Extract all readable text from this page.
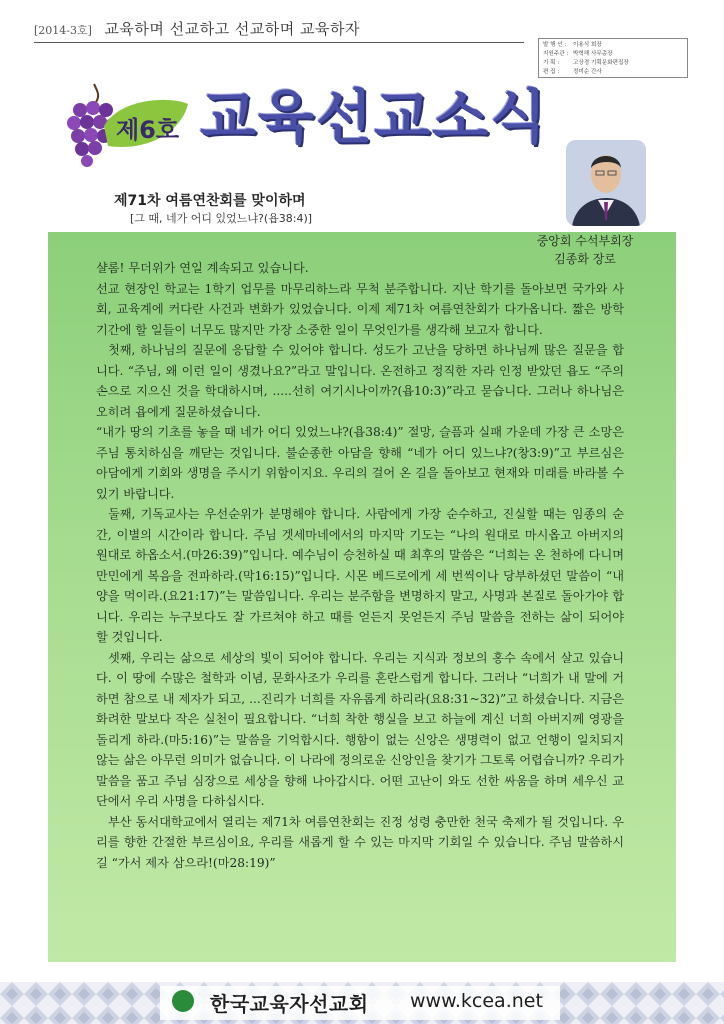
[2014-3호] 교육하며 선교하고 선교하며 교육하자
발 행 인 :	이용식 회장
지원주관 : 박혁해 사무총장
기 획 :	고상경 기획문화편집장
편 집 :	정미순 간사
제6호 교육선교소식
제71차 여름연찬회를 맞이하며
[그 때, 네가 어디 있었느냐?(욥38:4)]
중앙회 수석부회장
김종화 장로

샬롬! 무더위가 연일 계속되고 있습니다.

선교 현장인 학교는 1학기 업무를 마무리하느라 무척 분주합니다. 지난 학기를 돌아보면 국가와 사회, 교육계에 커다란 사건과 변화가 있었습니다. 이제 제71차 여름연찬회가 다가옵니다. 짧은 방학기간에 할 일들이 너무도 많지만 가장 소중한 일이 무엇인가를 생각해 보고자 합니다.

첫째, 하나님의 질문에 응답할 수 있어야 합니다. 성도가 고난을 당하면 하나님께 많은 질문을 합니다. “주님, 왜 이런 일이 생겼나요?”라고 말입니다. 온전하고 정직한 자라 인정 받았던 욥도 “주의 손으로 지으신 것을 학대하시며, .....선히 여기시나이까?(욥10:3)”라고 묻습니다. 그러나 하나님은 오히려 욥에게 질문하셨습니다.

“내가 땅의 기초를 놓을 때 네가 어디 있었느냐?(욥38:4)” 절망, 슬픔과 실패 가운데 가장 큰 소망은 주님 통치하심을 깨닫는 것입니다. 불순종한 아담을 향해 “네가 어디 있느냐?(창3:9)”고 부르심은 아담에게 기회와 생명을 주시기 위함이지요. 우리의 걸어 온 길을 돌아보고 현재와 미래를 바라볼 수 있기 바랍니다.

둘째, 기독교사는 우선순위가 분명해야 합니다. 사람에게 가장 순수하고, 진실할 때는 임종의 순간, 이별의 시간이라 합니다. 주님 겟세마네에서의 마지막 기도는 “나의 원대로 마시옵고 아버지의 원대로 하옵소서.(마26:39)”입니다. 예수님이 승천하실 때 최후의 말씀은 “너희는 온 천하에 다니며 만민에게 복음을 전파하라.(막16:15)”입니다. 시몬 베드로에게 세 번씩이나 당부하셨던 말씀이 “내 양을 먹이라.(요21:17)”는 말씀입니다. 우리는 분주함을 변명하지 말고, 사명과 본질로 돌아가야 합니다. 우리는 누구보다도 잘 가르쳐야 하고 때를 얻든지 못얻든지 주님 말씀을 전하는 삶이 되어야 할 것입니다.

셋째, 우리는 삶으로 세상의 빛이 되어야 합니다. 우리는 지식과 정보의 홍수 속에서 살고 있습니다. 이 땅에 수많은 철학과 이념, 문화사조가 우리를 혼란스럽게 합니다. 그러나 “너희가 내 말에 거하면 참으로 내 제자가 되고, ...진리가 너희를 자유롭게 하리라(요8:31~32)”고 하셨습니다. 지금은 화려한 말보다 작은 실천이 필요합니다. “너희 착한 행실을 보고 하늘에 계신 너희 아버지께 영광을 돌리게 하라.(마5:16)”는 말씀을 기억합시다. 행함이 없는 신앙은 생명력이 없고 언행이 일치되지 않는 삶은 아무런 의미가 없습니다. 이 나라에 정의로운 신앙인을 찾기가 그토록 어렵습니까? 우리가 말씀을 품고 주님 심장으로 세상을 향해 나아갑시다. 어떤 고난이 와도 선한 싸움을 하며 세우신 교단에서 우리 사명을 다하십시다.

부산 동서대학교에서 열리는 제71차 여름연찬회는 진정 성령 충만한 천국 축제가 될 것입니다. 우리를 향한 간절한 부르심이요, 우리를 새롭게 할 수 있는 마지막 기회일 수 있습니다. 주님 말씀하시길 “가서 제자 삼으라!(마28:19)”

한국교육자선교회 www.kcea.net
